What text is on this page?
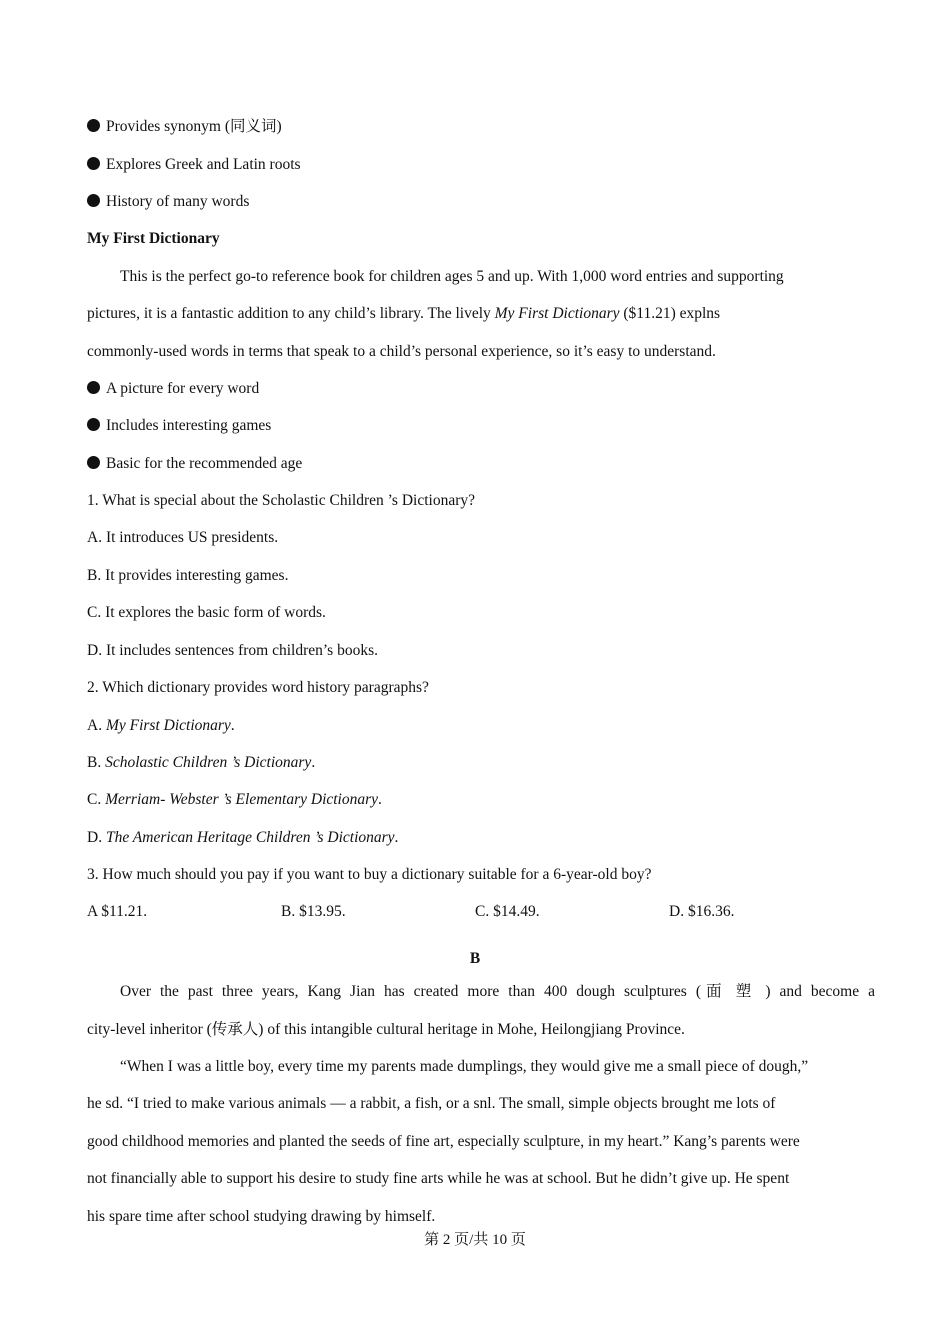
Provides synonym (同义词)
Explores Greek and Latin roots
History of many words
My First Dictionary
This is the perfect go-to reference book for children ages 5 and up. With 1,000 word entries and supporting
pictures, it is a fantastic addition to any child’s library. The lively My First Dictionary ($11.21) explns
commonly-used words in terms that speak to a child’s personal experience, so it’s easy to understand.
A picture for every word
Includes interesting games
Basic for the recommended age
1. What is special about the Scholastic Children ’s Dictionary?
A. It introduces US presidents.
B. It provides interesting games.
C. It explores the basic form of words.
D. It includes sentences from children’s books.
2. Which dictionary provides word history paragraphs?
A. My First Dictionary.
B. Scholastic Children ’s Dictionary.
C. Merriam- Webster ’s Elementary Dictionary.
D. The American Heritage Children ’s Dictionary.
3. How much should you pay if you want to buy a dictionary suitable for a 6-year-old boy?
A $11.21.	B. $13.95.	C. $14.49.	D. $16.36.
B
Over the past three years, Kang Jian has created more than 400 dough sculptures (面 塑 ) and become a
city-level inheritor (传承人) of this intangible cultural heritage in Mohe, Heilongjiang Province.
“When I was a little boy, every time my parents made dumplings, they would give me a small piece of dough,”
he sd. “I tried to make various animals — a rabbit, a fish, or a snl. The small, simple objects brought me lots of
good childhood memories and planted the seeds of fine art, especially sculpture, in my heart.” Kang’s parents were
not financially able to support his desire to study fine arts while he was at school. But he didn’t give up. He spent
his spare time after school studying drawing by himself.
第 2 页/共 10 页
